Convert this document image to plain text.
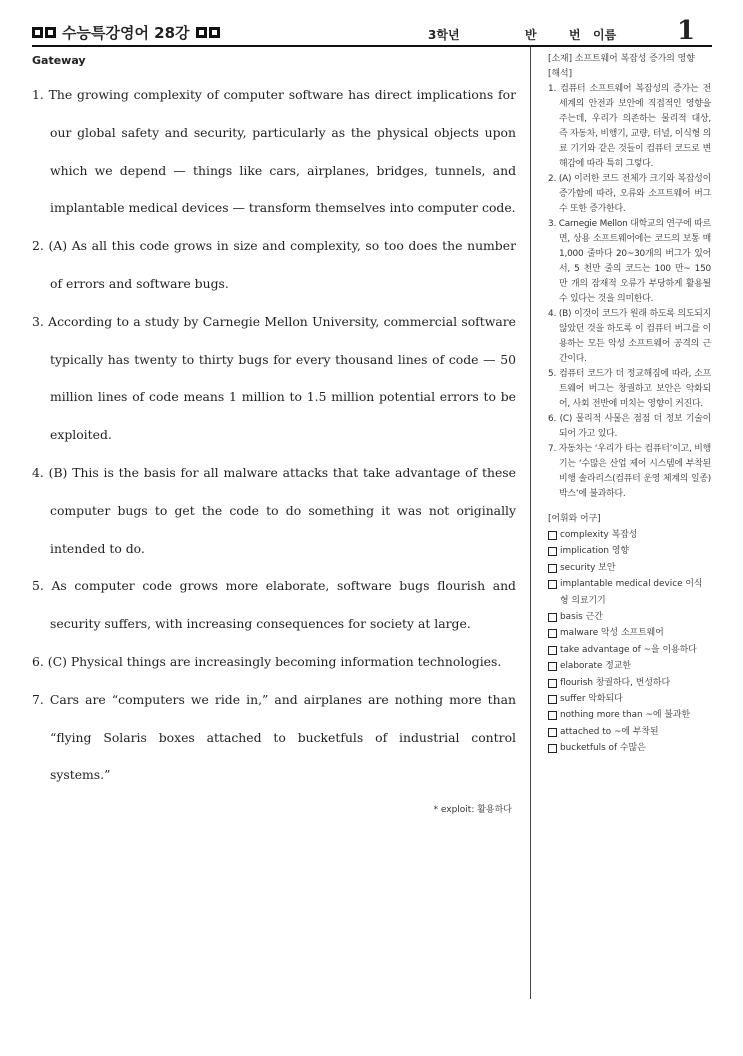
수능특강영어 28강	3학년	반	번 이름 1

Gateway

1. The growing complexity of computer software has direct implications for our global safety and security, particularly as the physical objects upon which we depend — things like cars, airplanes, bridges, tunnels, and implantable medical devices — transform themselves into computer code.

2. (A) As all this code grows in size and complexity, so too does the number of errors and software bugs.

3. According to a study by Carnegie Mellon University, commercial software typically has twenty to thirty bugs for every thousand lines of code — 50 million lines of code means 1 million to 1.5 million potential errors to be exploited.

4. (B) This is the basis for all malware attacks that take advantage of these computer bugs to get the code to do something it was not originally intended to do.

5. As computer code grows more elaborate, software bugs flourish and security suffers, with increasing consequences for society at large.

6. (C) Physical things are increasingly becoming information technologies.

7. Cars are “computers we ride in,” and airplanes are nothing more than “flying Solaris boxes attached to bucketfuls of industrial control systems.”

* exploit: 활용하다

[소재] 소프트웨어 복잡성 증가의 영향

[해석]

1. 컴퓨터 소프트웨어 복잡성의 증가는 전 세계의 안전과 보안에 직접적인 영향을 주는데, 우리가 의존하는 물리적 대상, 즉 자동차, 비행기, 교량, 터널, 이식형 의료 기기와 같은 것들이 컴퓨터 코드로 변해감에 따라 특히 그렇다.
2. (A) 이러한 코드 전체가 크기와 복잡성이 증가함에 따라, 오류와 소프트웨어 버그 수 또한 증가한다.
3. Carnegie Mellon 대학교의 연구에 따르면, 상용 소프트웨어에는 코드의 보통 매 1,000 줄마다 20~30개의 버그가 있어서, 5 천만 줄의 코드는 100 만~ 150 만 개의 잠재적 오류가 부당하게 활용될 수 있다는 것을 의미한다.
4. (B) 이것이 코드가 원래 하도록 의도되지 않았던 것을 하도록 이 컴퓨터 버그를 이용하는 모든 악성 소프트웨어 공격의 근간이다.
5. 컴퓨터 코드가 더 정교해짐에 따라, 소프트웨어 버그는 창궐하고 보안은 악화되어, 사회 전반에 미치는 영향이 커진다.
6. (C) 물리적 사물은 점점 더 정보 기술이 되어 가고 있다.
7. 자동차는 ‘우리가 타는 컴퓨터’이고, 비행기는 ‘수많은 산업 제어 시스템에 부착된 비행 솔라리스(컴퓨터 운영 체계의 일종) 박스’에 불과하다.

[어휘와 어구]

complexity 복잡성
implication 영향
security 보안
implantable medical device 이식형 의료기기
basis 근간
malware 악성 소프트웨어
take advantage of ~을 이용하다
elaborate 정교한
flourish 창궐하다, 번성하다
suffer 악화되다
nothing more than ~에 불과한
attached to ~에 부착된
bucketfuls of 수많은
